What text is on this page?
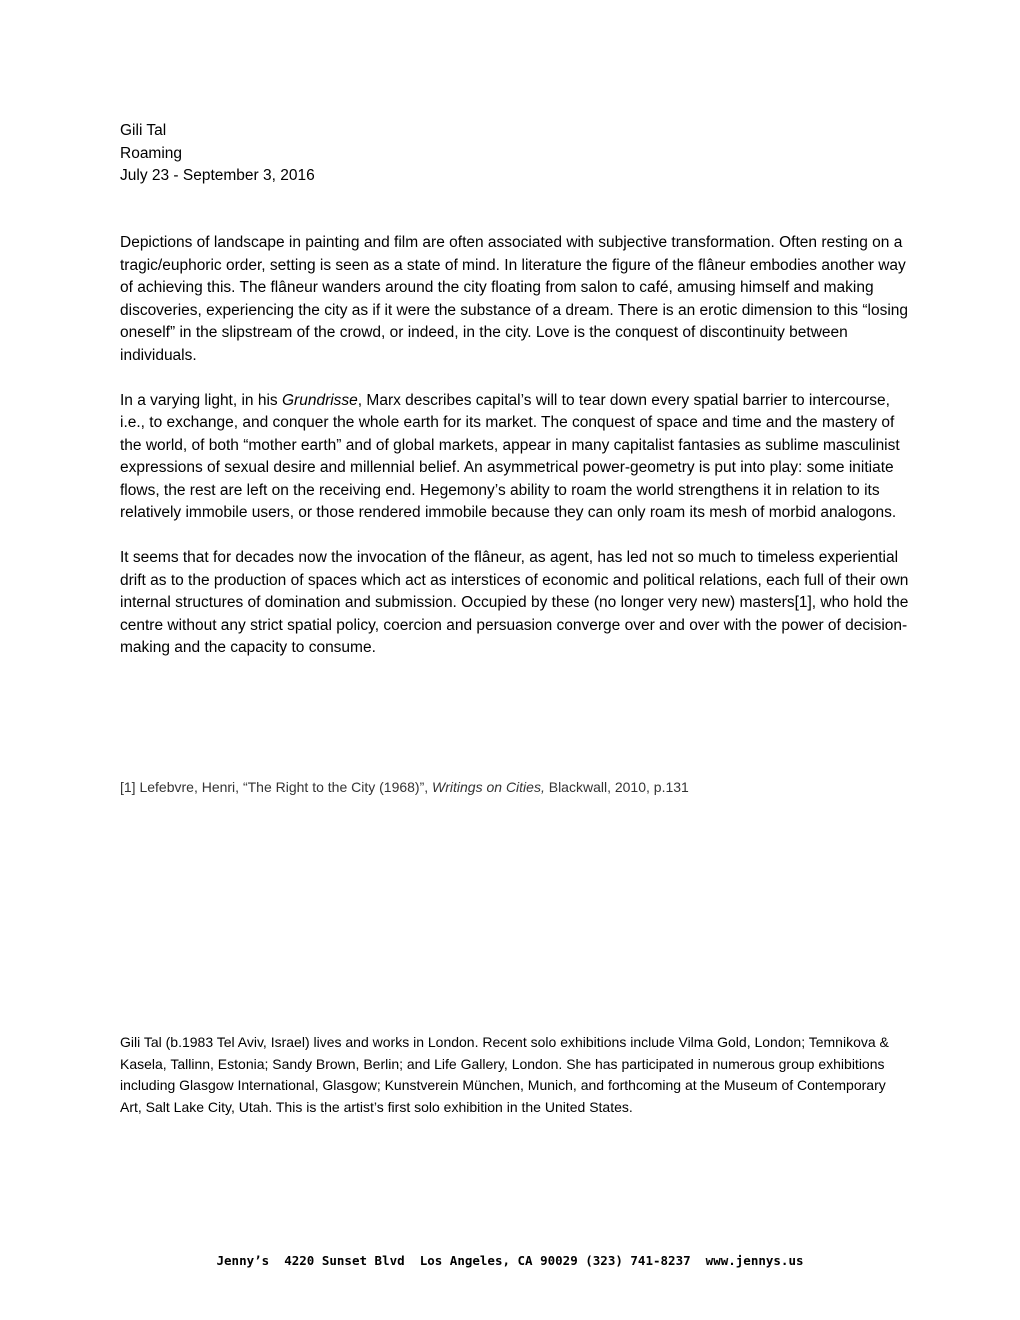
Gili Tal
Roaming
July 23 - September 3, 2016

Depictions of landscape in painting and film are often associated with subjective transformation. Often resting on a tragic/euphoric order, setting is seen as a state of mind. In literature the figure of the flâneur embodies another way of achieving this. The flâneur wanders around the city floating from salon to café, amusing himself and making discoveries, experiencing the city as if it were the substance of a dream. There is an erotic dimension to this “losing oneself” in the slipstream of the crowd, or indeed, in the city. Love is the conquest of discontinuity between individuals.

In a varying light, in his Grundrisse, Marx describes capital’s will to tear down every spatial barrier to intercourse, i.e., to exchange, and conquer the whole earth for its market. The conquest of space and time and the mastery of the world, of both “mother earth” and of global markets, appear in many capitalist fantasies as sublime masculinist expressions of sexual desire and millennial belief. An asymmetrical power-geometry is put into play: some initiate flows, the rest are left on the receiving end. Hegemony’s ability to roam the world strengthens it in relation to its relatively immobile users, or those rendered immobile because they can only roam its mesh of morbid analogons.

It seems that for decades now the invocation of the flâneur, as agent, has led not so much to timeless experiential drift as to the production of spaces which act as interstices of economic and political relations, each full of their own internal structures of domination and submission. Occupied by these (no longer very new) masters[1], who hold the centre without any strict spatial policy, coercion and persuasion converge over and over with the power of decision-making and the capacity to consume.

[1] Lefebvre, Henri, “The Right to the City (1968)”, Writings on Cities, Blackwall, 2010, p.131
Gili Tal (b.1983 Tel Aviv, Israel) lives and works in London. Recent solo exhibitions include Vilma Gold, London; Temnikova & Kasela, Tallinn, Estonia; Sandy Brown, Berlin; and Life Gallery, London. She has participated in numerous group exhibitions including Glasgow International, Glasgow; Kunstverein München, Munich, and forthcoming at the Museum of Contemporary Art, Salt Lake City, Utah. This is the artist’s first solo exhibition in the United States.
Jenny’s  4220 Sunset Blvd  Los Angeles, CA 90029 (323) 741-8237  www.jennys.us
